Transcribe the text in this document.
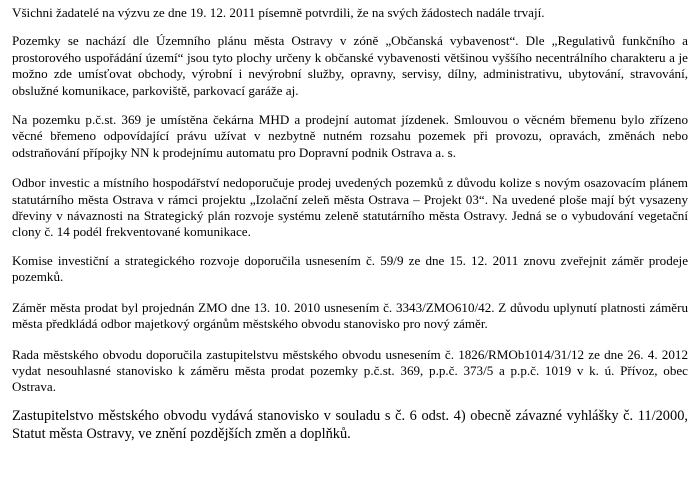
Všichni žadatelé na výzvu ze dne 19. 12. 2011 písemně potvrdili, že na svých žádostech nadále trvají.

Pozemky se nachází dle Územního plánu města Ostravy v zóně „Občanská vybavenost“. Dle „Regulativů funkčního a prostorového uspořádání území“ jsou tyto plochy určeny k občanské vybavenosti většinou vyššího necentrálního charakteru a je možno zde umísťovat obchody, výrobní i nevýrobní služby, opravny, servisy, dílny, administrativu, ubytování, stravování, obslužné komunikace, parkoviště, parkovací garáže aj.

Na pozemku p.č.st. 369 je umístěna čekárna MHD a prodejní automat jízdenek. Smlouvou o věcném břemenu bylo zřízeno věcné břemeno odpovídající právu užívat v nezbytně nutném rozsahu pozemek při provozu, opravách, změnách nebo odstraňování přípojky NN k prodejnímu automatu pro Dopravní podnik Ostrava a. s.

Odbor investic a místního hospodářství nedoporučuje prodej uvedených pozemků z důvodu kolize s novým osazovacím plánem statutárního města Ostrava v rámci projektu „Izolační zeleň města Ostrava – Projekt 03“. Na uvedené ploše mají být vysazeny dřeviny v návaznosti na Strategický plán rozvoje systému zeleně statutárního města Ostravy. Jedná se o vybudování vegetační clony č. 14 podél frekventované komunikace.

Komise investiční a strategického rozvoje doporučila usnesením č. 59/9 ze dne 15. 12. 2011 znovu zveřejnit záměr prodeje pozemků.

Záměr města prodat byl projednán ZMO dne 13. 10. 2010 usnesením č. 3343/ZMO610/42. Z důvodu uplynutí platnosti záměru města předkládá odbor majetkový orgánům městského obvodu stanovisko pro nový záměr.

Rada městského obvodu doporučila zastupitelstvu městského obvodu usnesením č. 1826/RMOb1014/31/12 ze dne 26. 4. 2012 vydat nesouhlasné stanovisko k záměru města prodat pozemky p.č.st. 369, p.p.č. 373/5 a p.p.č. 1019 v k. ú. Přívoz, obec Ostrava.

Zastupitelstvo městského obvodu vydává stanovisko v souladu s č. 6 odst. 4) obecně závazné vyhlášky č. 11/2000, Statut města Ostravy, ve znění pozdějších změn a doplňků.
